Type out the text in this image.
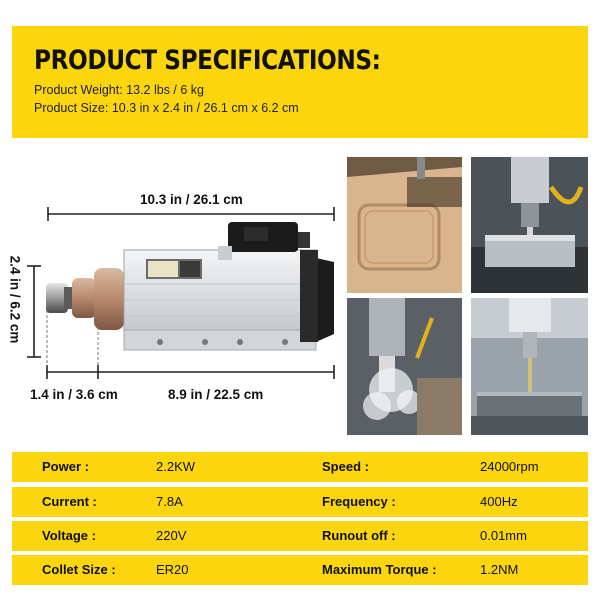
PRODUCT SPECIFICATIONS:
Product Weight: 13.2 lbs / 6 kg
Product Size: 10.3 in x 2.4 in / 26.1 cm x 6.2 cm
10.3 in / 26.1 cm
2.4 in / 6.2 cm
1.4 in / 3.6 cm	8.9 in / 22.5 cm
Power :	2.2KW	Speed :	24000rpm
Current :	7.8A	Frequency :	400Hz
Voltage :	220V	Runout off :	0.01mm
Collet Size :	ER20	Maximum Torque :	1.2NM
